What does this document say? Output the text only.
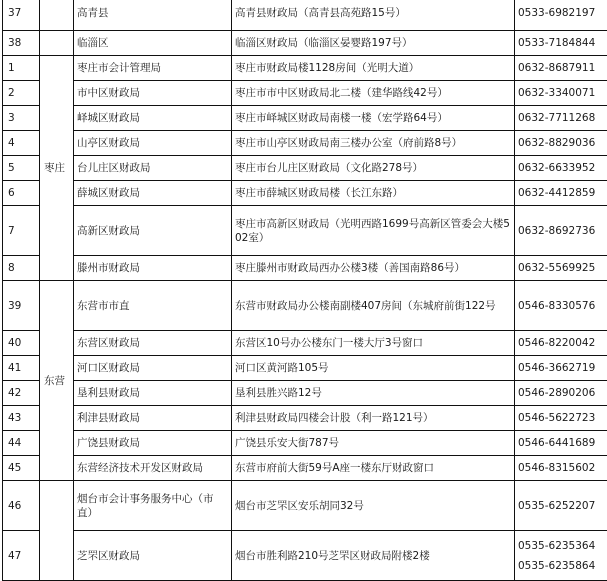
37		高青县	高青县财政局（高青县高苑路15号）	0533-6982197
38		临淄区	临淄区财政局（临淄区晏婴路197号）	0533-7184844
1	枣庄	枣庄市会计管理局	枣庄市财政局楼1128房间（光明大道）	0632-8687911
2		市中区财政局	枣庄市市中区财政局北二楼（建华路线42号）	0632-3340071
3		峄城区财政局	枣庄市峄城区财政局南楼一楼（宏学路64号）	0632-7711268
4		山亭区财政局	枣庄市山亭区财政局南三楼办公室（府前路8号）	0632-8829036
5		台儿庄区财政局	枣庄市台儿庄区财政局（文化路278号）	0632-6633952
6		薛城区财政局	枣庄市薛城区财政局楼（长江东路）	0632-4412859
7		高新区财政局	枣庄市高新区财政局（光明西路1699号高新区管委会大楼502室）	0632-8692736
8		滕州市财政局	枣庄滕州市财政局西办公楼3楼（善国南路86号）	0632-5569925
39	东营	东营市市直	东营市财政局办公楼南副楼407房间（东城府前街122号	0546-8330576
40		东营区财政局	东营区10号办公楼东门一楼大厅3号窗口	0546-8220042
41		河口区财政局	河口区黄河路105号	0546-3662719
42		垦利县财政局	垦利县胜兴路12号	0546-2890206
43		利津县财政局	利津县财政局四楼会计股（利一路121号）	0546-5622723
44		广饶县财政局	广饶县乐安大街787号	0546-6441689
45		东营经济技术开发区财政局	东营市府前大街59号A座一楼东厅财政窗口	0546-8315602
46		烟台市会计事务服务中心（市直）	烟台市芝罘区安乐胡同32号	0535-6252207
47		芝罘区财政局	烟台市胜利路210号芝罘区财政局附楼2楼	0535-6235364
0535-6235864
